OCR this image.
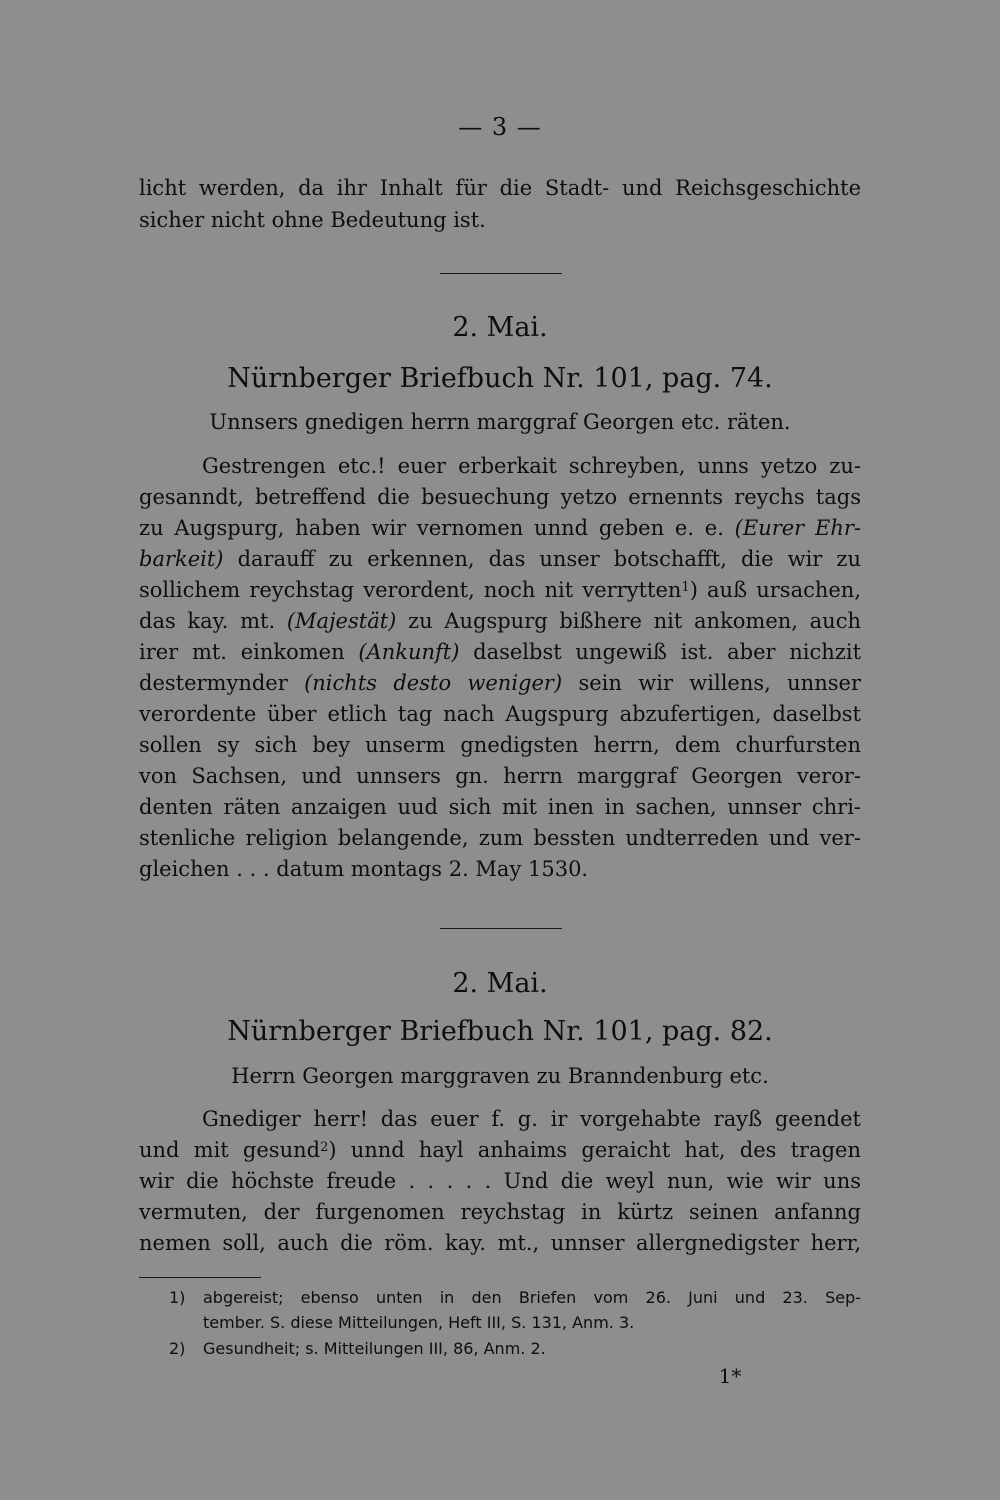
— 3 —
licht werden, da ihr Inhalt für die Stadt- und Reichsgeschichte
sicher nicht ohne Bedeutung ist.
2. Mai.
Nürnberger Briefbuch Nr. 101, pag. 74.
Unnsers gnedigen herrn marggraf Georgen etc. räten.
Gestrengen etc.! euer erberkait schreyben, unns yetzo zu-
gesanndt, betreffend die besuechung yetzo ernennts reychs tags
zu Augspurg, haben wir vernomen unnd geben e. e. (Eurer Ehr-
barkeit) darauff zu erkennen, das unser botschafft, die wir zu
sollichem reychstag verordent, noch nit verrytten$^1$) auß ursachen,
das kay. mt. (Majestät) zu Augspurg bißhere nit ankomen, auch
irer mt. einkomen (Ankunft) daselbst ungewiß ist. aber nichzit
destermynder (nichts desto weniger) sein wir willens, unnser
verordente über etlich tag nach Augspurg abzufertigen, daselbst
sollen sy sich bey unserm gnedigsten herrn, dem churfursten
von Sachsen, und unnsers gn. herrn marggraf Georgen veror-
denten räten anzaigen uud sich mit inen in sachen, unnser chri-
stenliche religion belangende, zum bessten undterreden und ver-
gleichen . . . datum montags 2. May 1530.
2. Mai.
Nürnberger Briefbuch Nr. 101, pag. 82.
Herrn Georgen marggraven zu Branndenburg etc.
Gnediger herr! das euer f. g. ir vorgehabte rayß geendet
und mit gesund$^2$) unnd hayl anhaims geraicht hat, des tragen
wir die höchste freude . . . . . Und die weyl nun, wie wir uns
vermuten, der furgenomen reychstag in kürtz seinen anfanng
nemen soll, auch die röm. kay. mt., unnser allergnedigster herr,
1) abgereist; ebenso unten in den Briefen vom 26. Juni und 23. Sep-
tember. S. diese Mitteilungen, Heft III, S. 131, Anm. 3.
2) Gesundheit; s. Mitteilungen III, 86, Anm. 2.
1*
